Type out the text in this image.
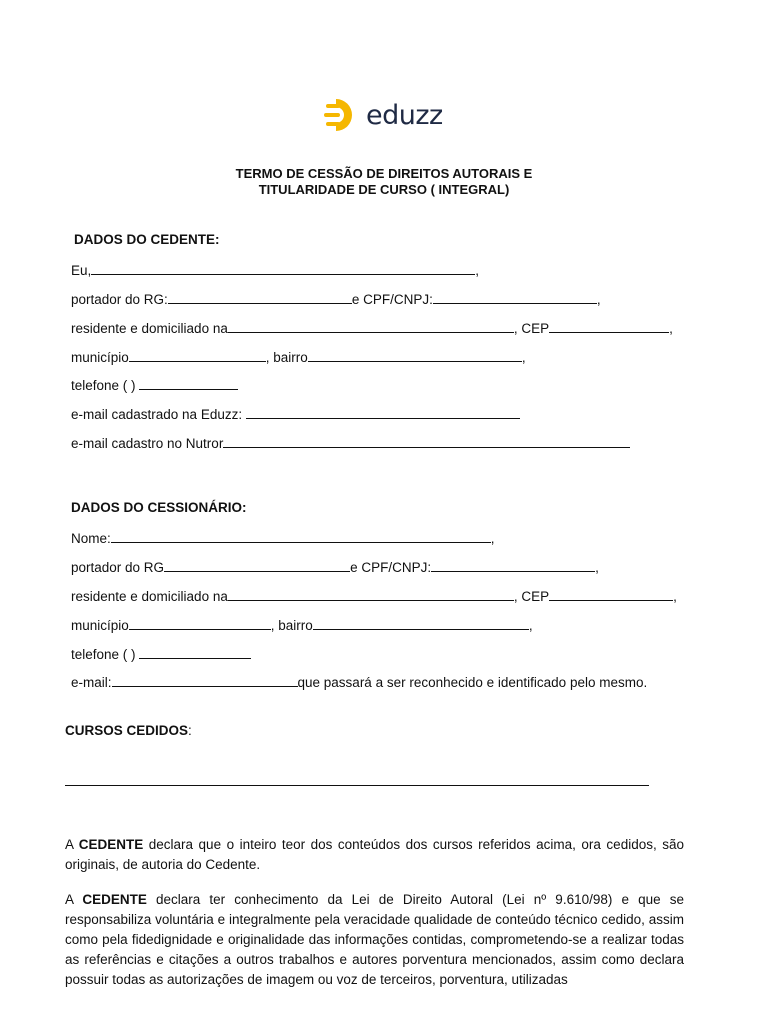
eduzz
TERMO DE CESSÃO DE DIREITOS AUTORAIS E
TITULARIDADE DE CURSO ( INTEGRAL)
DADOS DO CEDENTE:
Eu,	,
portador do RG:	e CPF/CNPJ:	,
residente e domiciliado na	, CEP	,
município	, bairro	,
telefone ( )
e-mail cadastrado na Eduzz:
e-mail cadastro no Nutror
DADOS DO CESSIONÁRIO:
Nome:	,
portador do RG	e CPF/CNPJ:	,
residente e domiciliado na	, CEP	,
município	, bairro	,
telefone ( )
e-mail:	que passará a ser reconhecido e identificado pelo mesmo.
CURSOS CEDIDOS:
A CEDENTE declara que o inteiro teor dos conteúdos dos cursos referidos acima, ora cedidos, são originais, de autoria do Cedente.
A CEDENTE declara ter conhecimento da Lei de Direito Autoral (Lei nº 9.610/98) e que se responsabiliza voluntária e integralmente pela veracidade qualidade de conteúdo técnico cedido, assim como pela fidedignidade e originalidade das informações contidas, comprometendo-se a realizar todas as referências e citações a outros trabalhos e autores porventura mencionados, assim como declara possuir todas as autorizações de imagem ou voz de terceiros, porventura, utilizadas
